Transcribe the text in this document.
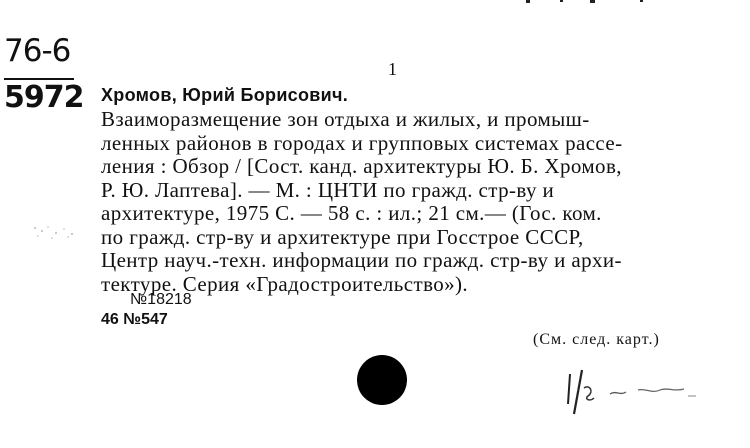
76-6
5972
1
Хромов, Юрий Борисович.
Взаиморазмещение зон отдыха и жилых, и промыш-
ленных районов в городах и групповых системах рассе-
ления : Обзор / [Сост. канд. архитектуры Ю. Б. Хромов,
Р. Ю. Лаптева]. — М. : ЦНТИ по гражд. стр-ву и
архитектуре, 1975 С. — 58 с. : ил.; 21 см.— (Гос. ком.
по гражд. стр-ву и архитектуре при Госстрое СССР,
Центр науч.-техн. информации по гражд. стр-ву и архи-
тектуре. Серия «Градостроительство»).
№18218
46 №547
(См. след. карт.)
